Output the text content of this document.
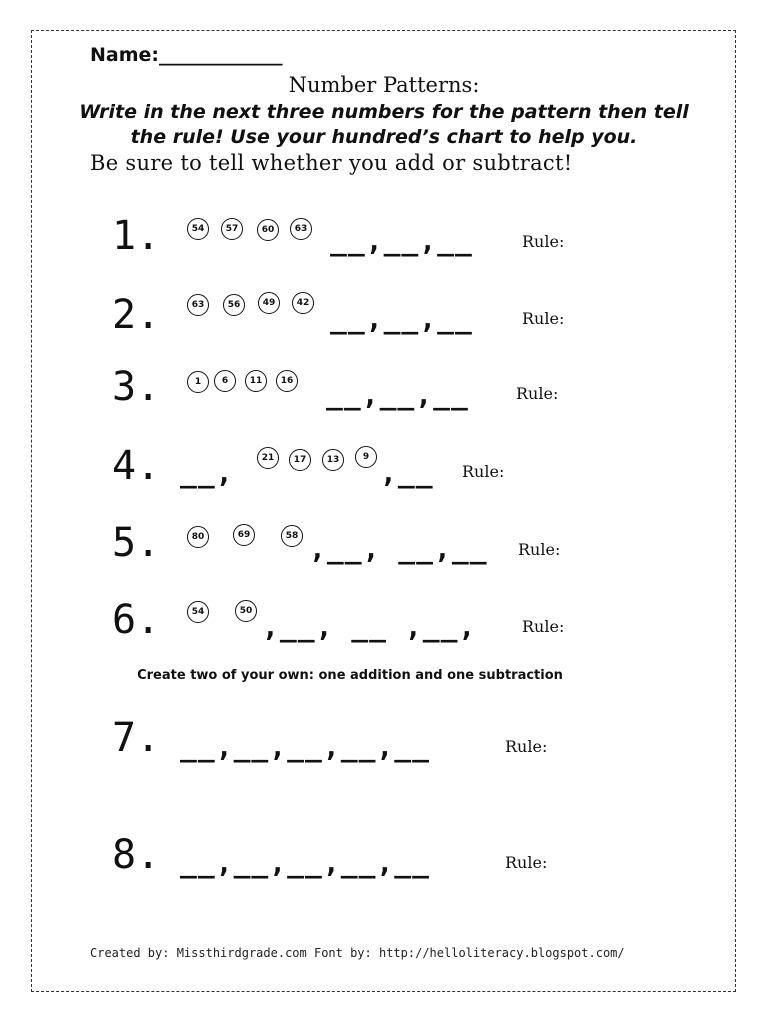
Name:_____________
Number Patterns:
Write in the next three numbers for the pattern then tell
the rule! Use your hundred’s chart to help you.
Be sure to tell whether you add or subtract!
1.	54	57	60	63 __,__,__	Rule:
2.	63	56	49	42 __,__,__	Rule:
3.	1	6	11	16 __,__,__	Rule:
4. __,	21	17	13	9 ,__ Rule:
5.	80	69	58 ,__, __,__ Rule:
6.	54	50 ,__, __ ,__,	Rule:
Create two of your own: one addition and one subtraction
7. __,__,__,__,__	Rule:
8. __,__,__,__,__	Rule:
Created by: Missthirdgrade.com Font by: http://helloliteracy.blogspot.com/
